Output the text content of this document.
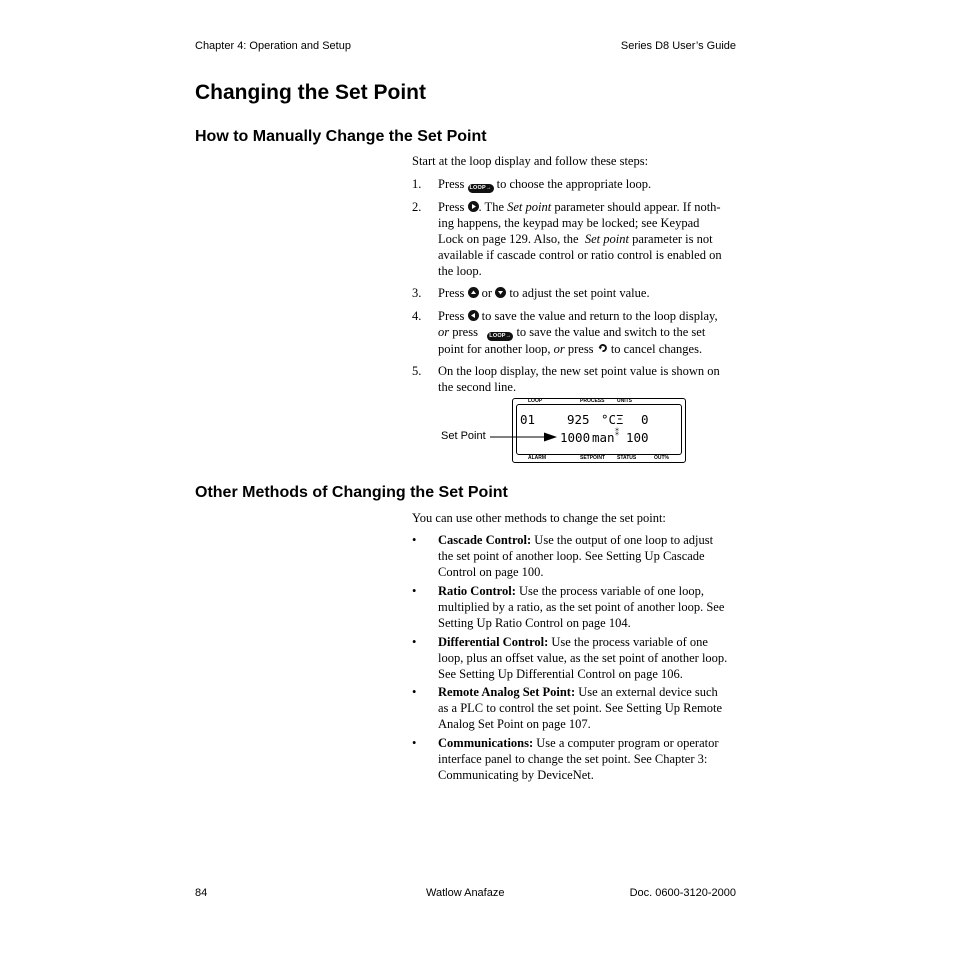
Chapter 4: Operation and Setup	Series D8 User’s Guide
Changing the Set Point
How to Manually Change the Set Point
Start at the loop display and follow these steps:
1. Press LOOP→ to choose the appropriate loop.
2. Press . The Set point parameter should appear. If noth-
ing happens, the keypad may be locked; see Keypad
Lock on page 129. Also, the Set point parameter is not
available if cascade control or ratio control is enabled on
the loop.
3. Press or to adjust the set point value.
4. Press to save the value and return to the loop display,
or press LOOP→ to save the value and switch to the set
point for another loop, or press to cancel changes.
5. On the loop display, the new set point value is shown on
the second line.
LOOP	PROCESS	UNITS
ALARM	SETPOINT STATUS	OUT%
01	925 °CΞ 0
1000 man ⁑ 100
Set Point
Other Methods of Changing the Set Point
You can use other methods to change the set point:
• Cascade Control: Use the output of one loop to adjust
the set point of another loop. See Setting Up Cascade
Control on page 100.
• Ratio Control: Use the process variable of one loop,
multiplied by a ratio, as the set point of another loop. See
Setting Up Ratio Control on page 104.
• Differential Control: Use the process variable of one
loop, plus an offset value, as the set point of another loop.
See Setting Up Differential Control on page 106.
• Remote Analog Set Point: Use an external device such
as a PLC to control the set point. See Setting Up Remote
Analog Set Point on page 107.
• Communications: Use a computer program or operator
interface panel to change the set point. See Chapter 3:
Communicating by DeviceNet.
84	Watlow Anafaze	Doc. 0600-3120-2000
